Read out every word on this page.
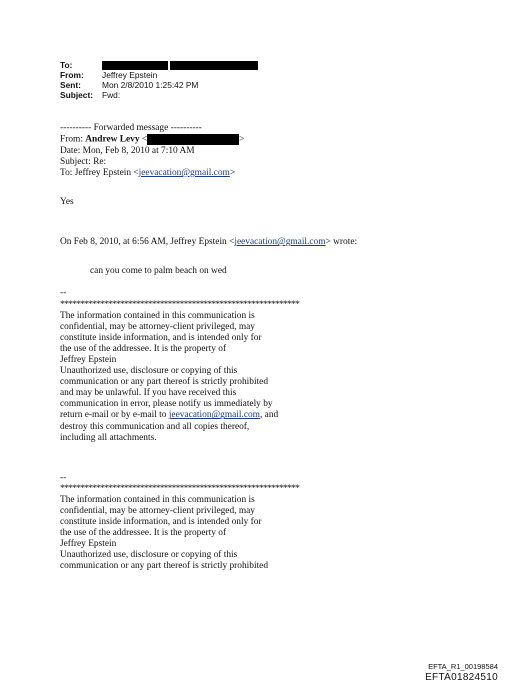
To:
From:	Jeffrey Epstein
Sent:	Mon 2/8/2010 1:25:42 PM
Subject:	Fwd:
---------- Forwarded message ----------
From: Andrew Levy <	>
Date: Mon, Feb 8, 2010 at 7:10 AM
Subject: Re:
To: Jeffrey Epstein <jeevacation@gmail.com>
Yes
On Feb 8, 2010, at 6:56 AM, Jeffrey Epstein <jeevacation@gmail.com> wrote:
can you come to palm beach on wed
--
************************************************************
The information contained in this communication is
confidential, may be attorney-client privileged, may
constitute inside information, and is intended only for
the use of the addressee. It is the property of
Jeffrey Epstein
Unauthorized use, disclosure or copying of this
communication or any part thereof is strictly prohibited
and may be unlawful. If you have received this
communication in error, please notify us immediately by
return e-mail or by e-mail to jeevacation@gmail.com, and
destroy this communication and all copies thereof,
including all attachments.
--
************************************************************
The information contained in this communication is
confidential, may be attorney-client privileged, may
constitute inside information, and is intended only for
the use of the addressee. It is the property of
Jeffrey Epstein
Unauthorized use, disclosure or copying of this
communication or any part thereof is strictly prohibited
EFTA_R1_00198584
EFTA01824510
